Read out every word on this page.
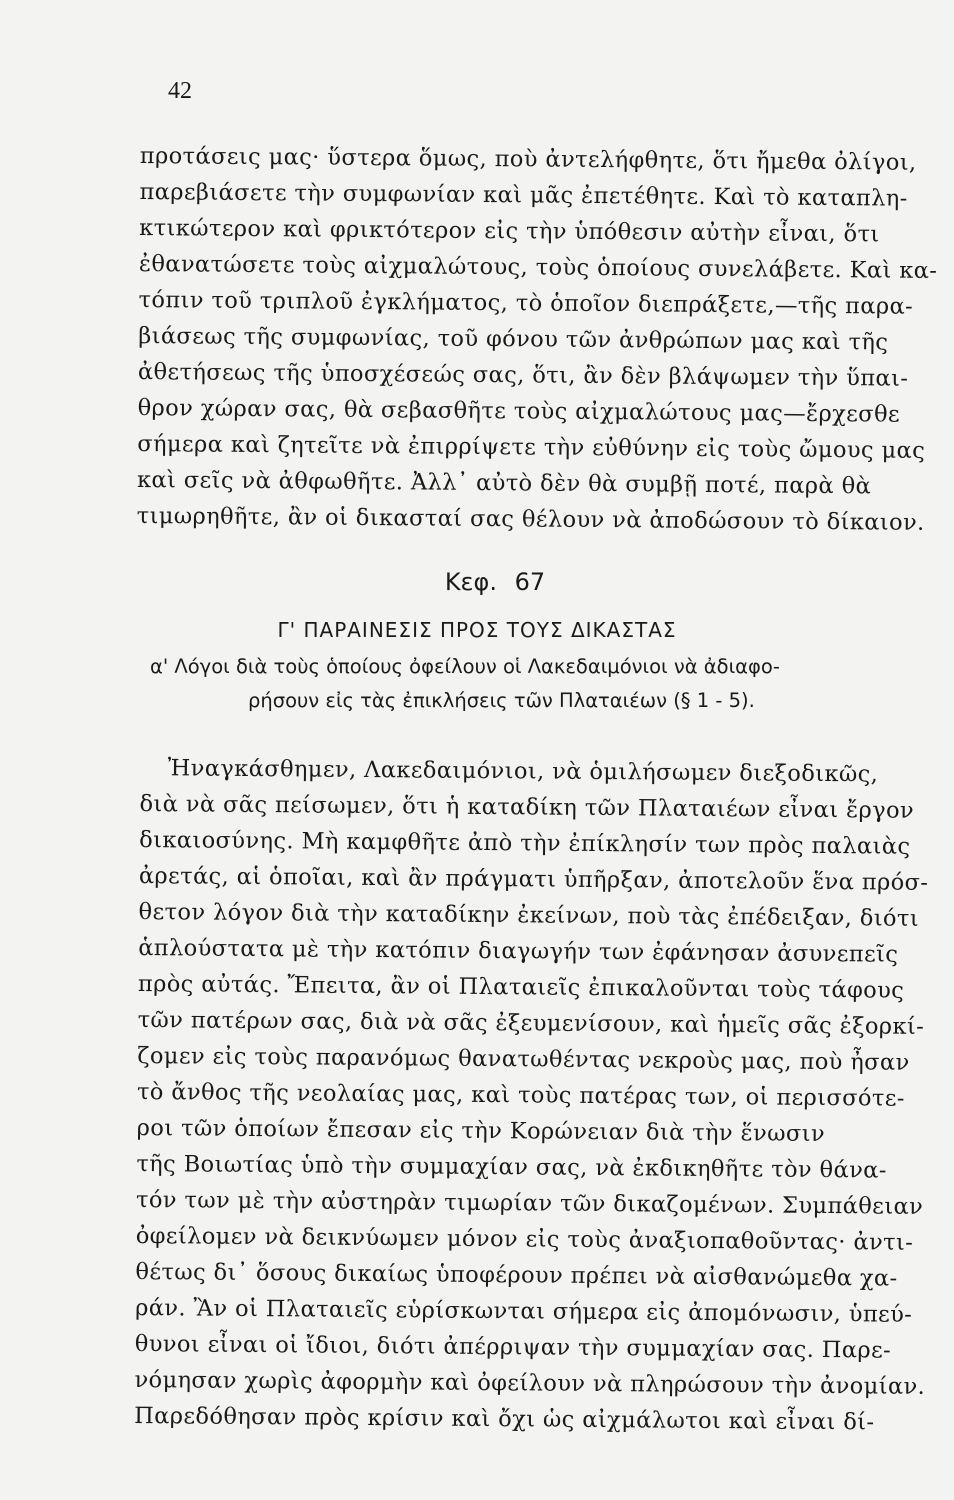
42
προτάσεις μας· ὕστερα ὅμως, ποὺ ἀντελήφθητε, ὅτι ἤμεθα ὀλίγοι,
παρεβιάσετε τὴν συμφωνίαν καὶ μᾶς ἐπετέθητε. Καὶ τὸ καταπλη-
κτικώτερον καὶ φρικτότερον εἰς τὴν ὑπόθεσιν αὐτὴν εἶναι, ὅτι
ἐθανατώσετε τοὺς αἰχμαλώτους, τοὺς ὁποίους συνελάβετε. Καὶ κα-
τόπιν τοῦ τριπλοῦ ἐγκλήματος, τὸ ὁποῖον διεπράξετε,—τῆς παρα-
βιάσεως τῆς συμφωνίας, τοῦ φόνου τῶν ἀνθρώπων μας καὶ τῆς
ἀθετήσεως τῆς ὑποσχέσεώς σας, ὅτι, ἂν δὲν βλάψωμεν τὴν ὕπαι-
θρον χώραν σας, θὰ σεβασθῆτε τοὺς αἰχμαλώτους μας—ἔρχεσθε
σήμερα καὶ ζητεῖτε νὰ ἐπιρρίψετε τὴν εὐθύνην εἰς τοὺς ὤμους μας
καὶ σεῖς νὰ ἀθφωθῆτε. Ἀλλ᾽ αὐτὸ δὲν θὰ συμβῇ ποτέ, παρὰ θὰ
τιμωρηθῆτε, ἂν οἱ δικασταί σας θέλουν νὰ ἀποδώσουν τὸ δίκαιον.
Κεφ. 67
Γ' ΠΑΡΑΙΝΕΣΙΣ ΠΡΟΣ ΤΟΥΣ ΔΙΚΑΣΤΑΣ
α' Λόγοι διὰ τοὺς ὁποίους ὀφείλουν οἱ Λακεδαιμόνιοι νὰ ἀδιαφο-
ρήσουν εἰς τὰς ἐπικλήσεις τῶν Πλαταιέων (§ 1 - 5).
Ἠναγκάσθημεν, Λακεδαιμόνιοι, νὰ ὁμιλήσωμεν διεξοδικῶς,
διὰ νὰ σᾶς πείσωμεν, ὅτι ἡ καταδίκη τῶν Πλαταιέων εἶναι ἔργον
δικαιοσύνης. Μὴ καμφθῆτε ἀπὸ τὴν ἐπίκλησίν των πρὸς παλαιὰς
ἀρετάς, αἱ ὁποῖαι, καὶ ἂν πράγματι ὑπῆρξαν, ἀποτελοῦν ἕνα πρόσ-
θετον λόγον διὰ τὴν καταδίκην ἐκείνων, ποὺ τὰς ἐπέδειξαν, διότι
ἁπλούστατα μὲ τὴν κατόπιν διαγωγήν των ἐφάνησαν ἀσυνεπεῖς
πρὸς αὐτάς. Ἔπειτα, ἂν οἱ Πλαταιεῖς ἐπικαλοῦνται τοὺς τάφους
τῶν πατέρων σας, διὰ νὰ σᾶς ἐξευμενίσουν, καὶ ἡμεῖς σᾶς ἐξορκί-
ζομεν εἰς τοὺς παρανόμως θανατωθέντας νεκροὺς μας, ποὺ ἦσαν
τὸ ἄνθος τῆς νεολαίας μας, καὶ τοὺς πατέρας των, οἱ περισσότε-
ροι τῶν ὁποίων ἔπεσαν εἰς τὴν Κορώνειαν διὰ τὴν ἕνωσιν
τῆς Βοιωτίας ὑπὸ τὴν συμμαχίαν σας, νὰ ἐκδικηθῆτε τὸν θάνα-
τόν των μὲ τὴν αὐστηρὰν τιμωρίαν τῶν δικαζομένων. Συμπάθειαν
ὀφείλομεν νὰ δεικνύωμεν μόνον εἰς τοὺς ἀναξιοπαθοῦντας· ἀντι-
θέτως δι᾽ ὅσους δικαίως ὑποφέρουν πρέπει νὰ αἰσθανώμεθα χα-
ράν. Ἂν οἱ Πλαταιεῖς εὑρίσκωνται σήμερα εἰς ἀπομόνωσιν, ὑπεύ-
θυνοι εἶναι οἱ ἴδιοι, διότι ἀπέρριψαν τὴν συμμαχίαν σας. Παρε-
νόμησαν χωρὶς ἀφορμὴν καὶ ὀφείλουν νὰ πληρώσουν τὴν ἀνομίαν.
Παρεδόθησαν πρὸς κρίσιν καὶ ὄχι ὡς αἰχμάλωτοι καὶ εἶναι δί-
